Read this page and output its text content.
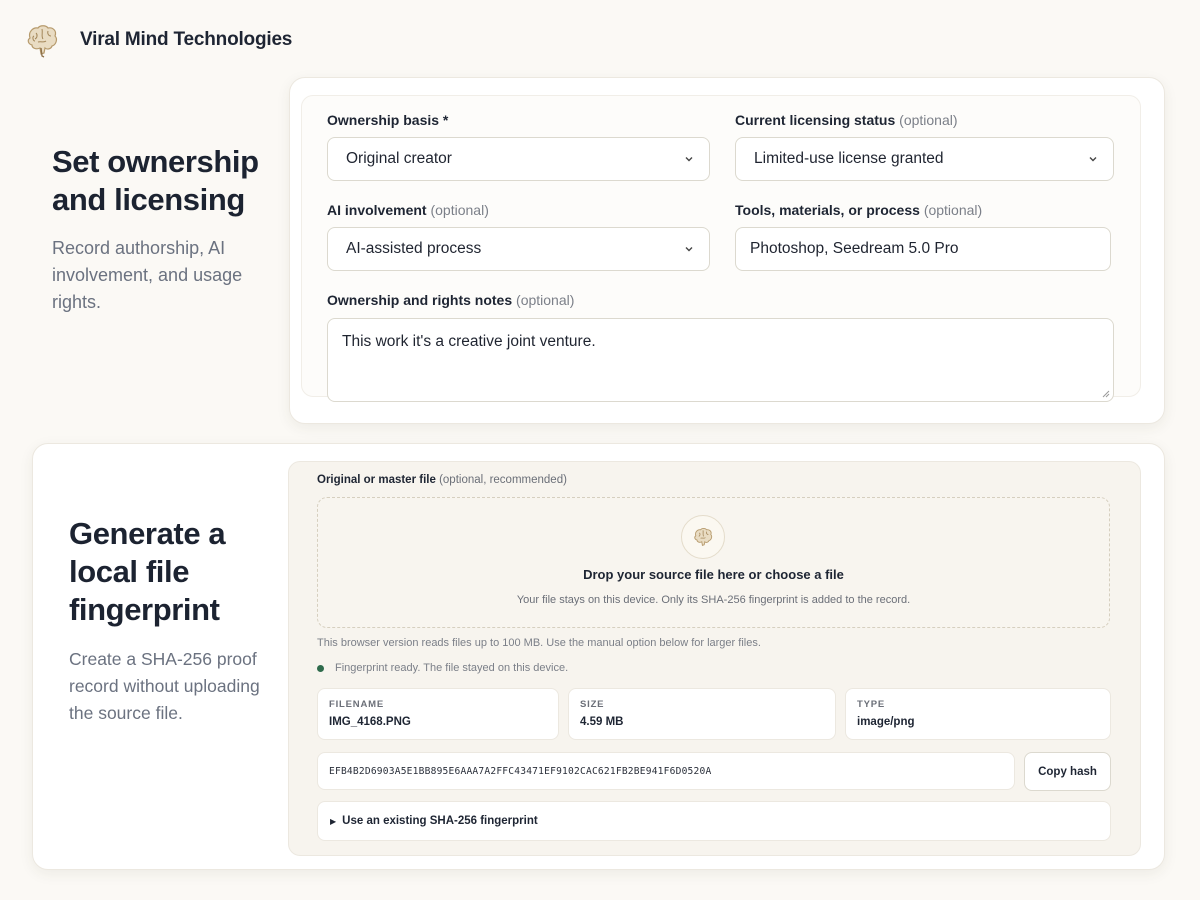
Viral Mind Technologies
Set ownership and licensing
Record authorship, AI involvement, and usage rights.
Ownership basis *
Original creator
Current licensing status (optional)
Limited-use license granted
AI involvement (optional)
AI-assisted process
Tools, materials, or process (optional)
Photoshop, Seedream 5.0 Pro
Ownership and rights notes (optional)
This work it's a creative joint venture.
Generate a local file fingerprint
Create a SHA-256 proof record without uploading the source file.
Original or master file (optional, recommended)
Drop your source file here or choose a file
Your file stays on this device. Only its SHA-256 fingerprint is added to the record.
This browser version reads files up to 100 MB. Use the manual option below for larger files.
Fingerprint ready. The file stayed on this device.
FILENAME
IMG_4168.PNG
SIZE
4.59 MB
TYPE
image/png
EFB4B2D6903A5E1BB895E6AAA7A2FFC43471EF9102CAC621FB2BE941F6D0520A	Copy hash
▶ Use an existing SHA-256 fingerprint
